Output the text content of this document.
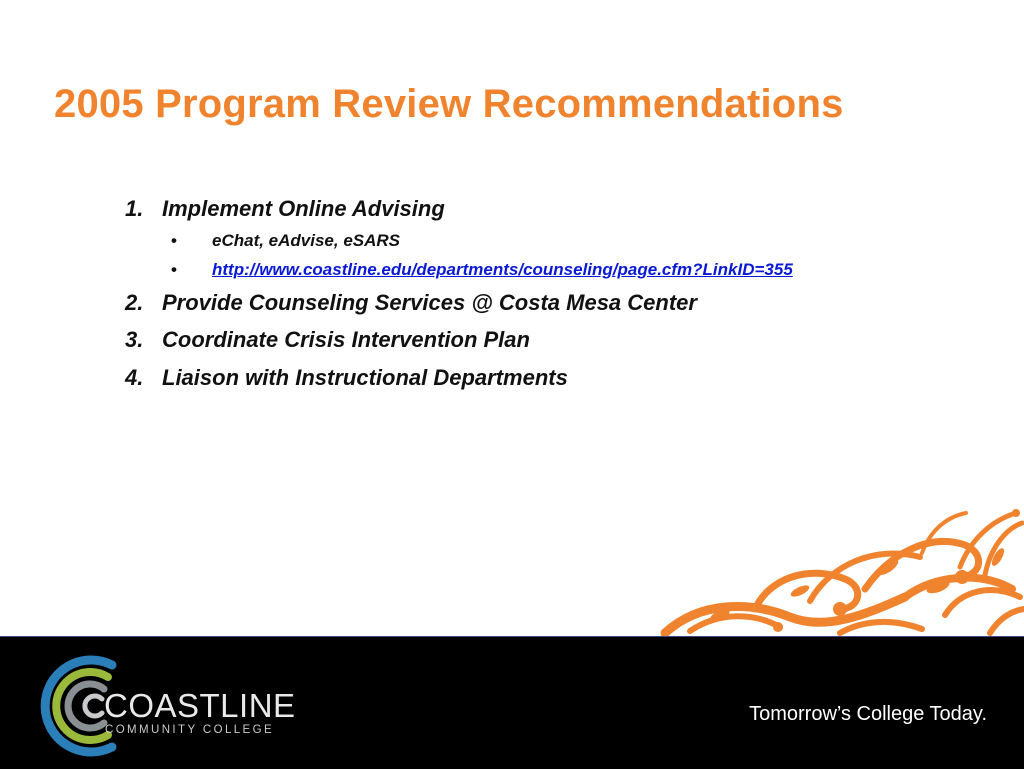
2005 Program Review Recommendations
1. Implement Online Advising
• eChat, eAdvise, eSARS
• http://www.coastline.edu/departments/counseling/page.cfm?LinkID=355
2. Provide Counseling Services @ Costa Mesa Center
3. Coordinate Crisis Intervention Plan
4. Liaison with Instructional Departments
COASTLINE
COMMUNITY COLLEGE
Tomorrow’s College Today.
